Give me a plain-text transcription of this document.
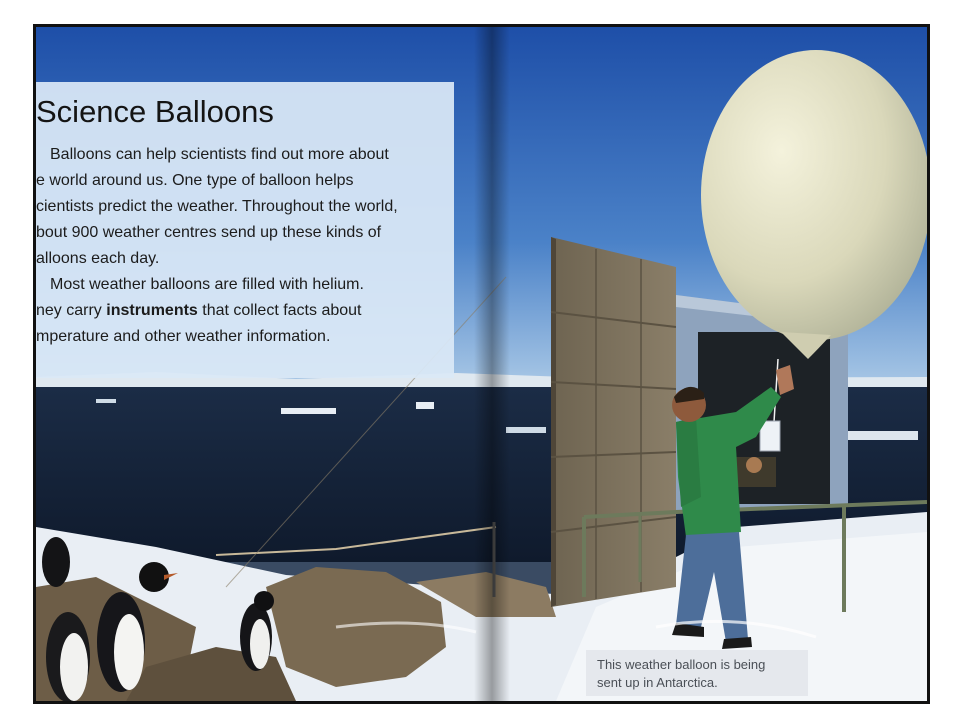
Science Balloons

Balloons can help scientists find out more about
e world around us. One type of balloon helps
cientists predict the weather. Throughout the world,
bout 900 weather centres send up these kinds of
alloons each day.

Most weather balloons are filled with helium.
ney carry instruments that collect facts about
mperature and other weather information.

This weather balloon is being
sent up in Antarctica.
